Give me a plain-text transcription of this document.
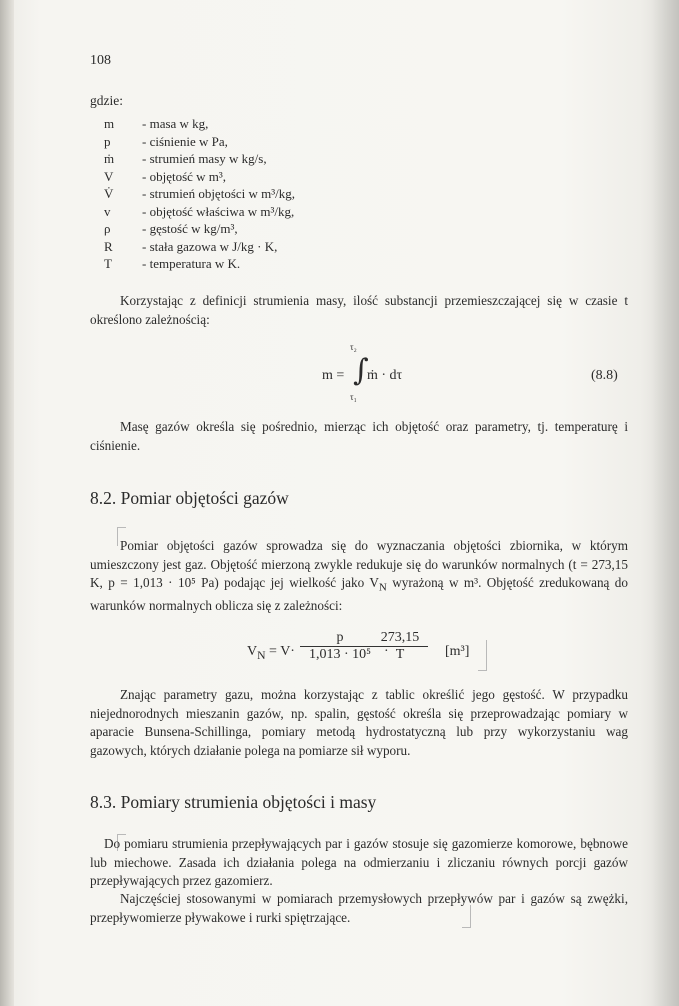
108
gdzie:
m	- masa w kg,
p	- ciśnienie w Pa,
ṁ	- strumień masy w kg/s,
V	- objętość w m³,
V̇	- strumień objętości w m³/kg,
v	- objętość właściwa w m³/kg,
ρ	- gęstość w kg/m³,
R	- stała gazowa w J/kg · K,
T	- temperatura w K.
Korzystając z definicji strumienia masy, ilość substancji przemieszczającej się w czasie t określono zależnością:
m =
τ₂
∫
τ₁
ṁ · dτ	(8.8)
Masę gazów określa się pośrednio, mierząc ich objętość oraz parametry, tj. temperaturę i ciśnienie.
8.2. Pomiar objętości gazów
Pomiar objętości gazów sprowadza się do wyznaczania objętości zbiornika, w którym umieszczony jest gaz. Objętość mierzoną zwykle redukuje się do warunków normalnych (t = 273,15 K, p = 1,013 · 10⁵ Pa) podając jej wielkość jako $V_N$ wyrażoną w m³. Objętość zredukowaną do warunków normalnych oblicza się z zależności:
$V_N = V\cdot \frac{p}{\text{1,013 · 10⁵}}$ ·
$\frac{273,15}{T} [m^3]$
Znając parametry gazu, można korzystając z tablic określić jego gęstość. W przypadku niejednorodnych mieszanin gazów, np. spalin, gęstość określa się przeprowadzając pomiary w aparacie Bunsena-Schillinga, pomiary metodą hydrostatyczną lub przy wykorzystaniu wag gazowych, których działanie polega na pomiarze sił wyporu.
8.3. Pomiary strumienia objętości i masy
Do pomiaru strumienia przepływających par i gazów stosuje się gazomierze komorowe, bębnowe lub miechowe. Zasada ich działania polega na odmierzaniu i zliczaniu równych porcji gazów przepływających przez gazomierz.
Najczęściej stosowanymi w pomiarach przemysłowych przepływów par i gazów są zwężki, przepływomierze pływakowe i rurki spiętrzające.
